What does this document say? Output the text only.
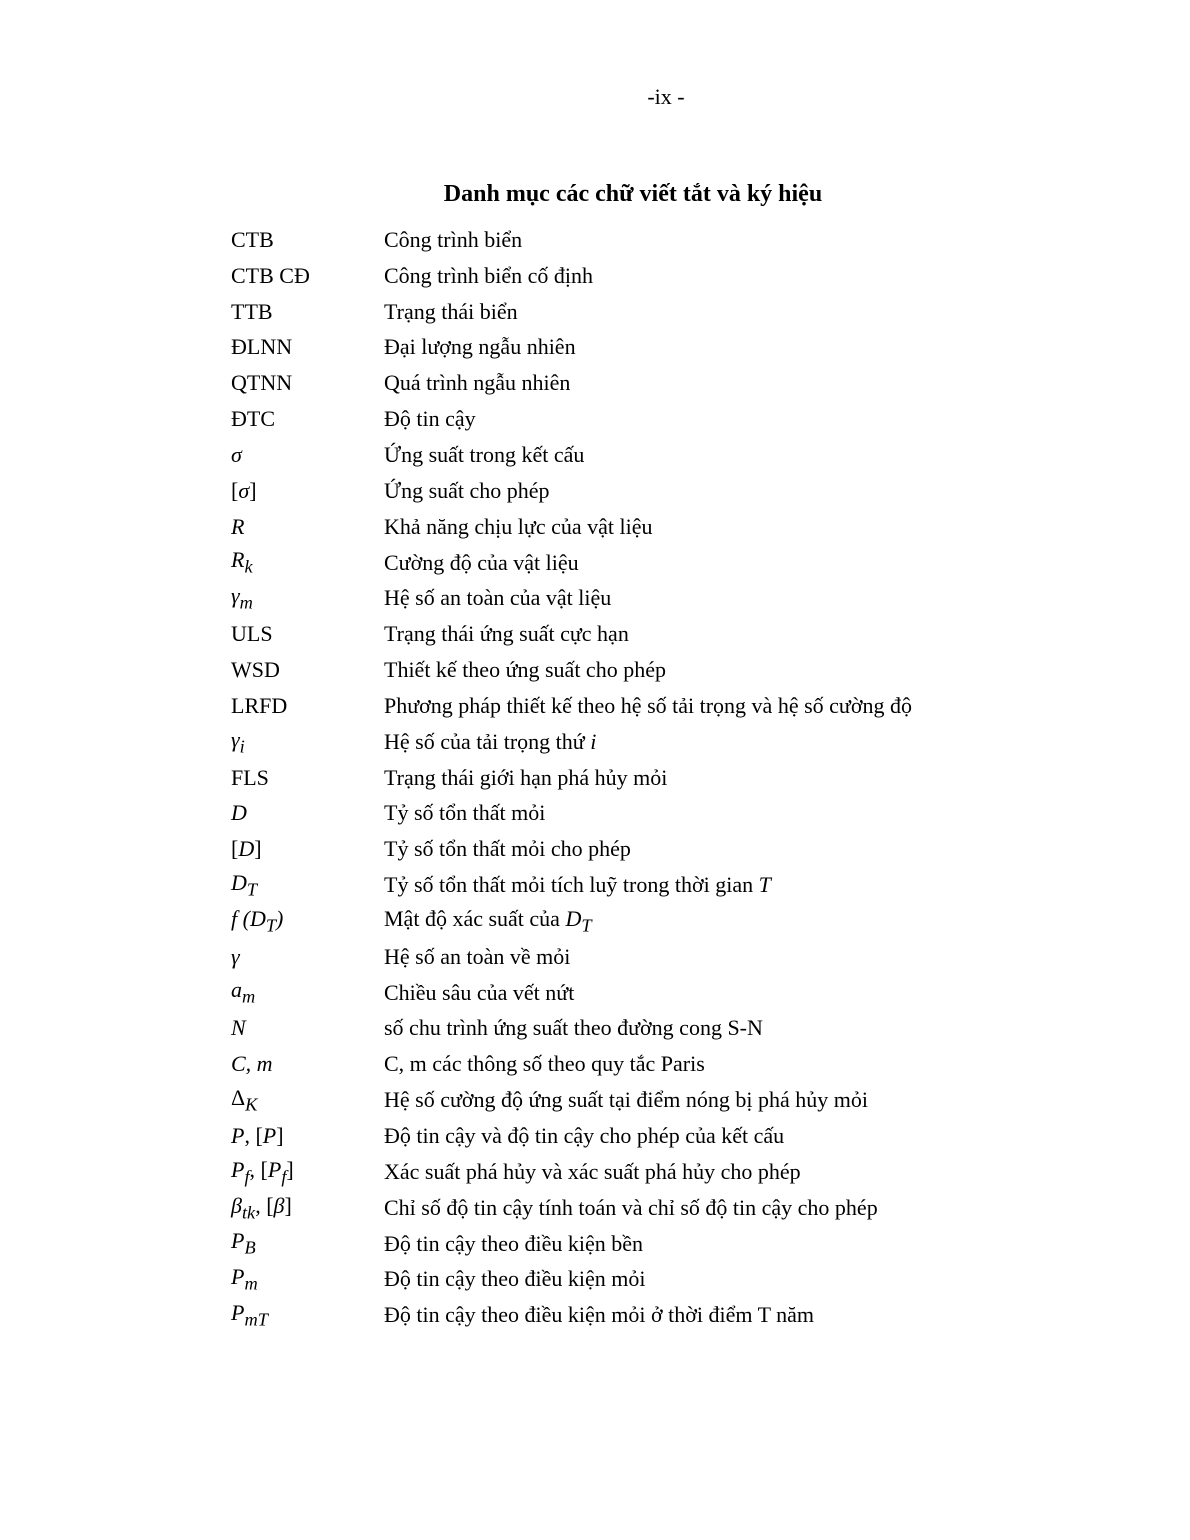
-ix -
Danh mục các chữ viết tắt và ký hiệu
CTB	Công trình biển
CTB CĐ	Công trình biển cố định
TTB	Trạng thái biển
ĐLNN	Đại lượng ngẫu nhiên
QTNN	Quá trình ngẫu nhiên
ĐTC	Độ tin cậy
σ	Ứng suất trong kết cấu
[σ]	Ứng suất cho phép
R	Khả năng chịu lực của vật liệu
$R_k$	Cường độ của vật liệu
$\gamma_m$	Hệ số an toàn của vật liệu
ULS	Trạng thái ứng suất cực hạn
WSD	Thiết kế theo ứng suất cho phép
LRFD	Phương pháp thiết kế theo hệ số tải trọng và hệ số cường độ
$\gamma_i$	Hệ số của tải trọng thứ i
FLS	Trạng thái giới hạn phá hủy mỏi
D	Tỷ số tổn thất mỏi
[D]	Tỷ số tổn thất mỏi cho phép
$D_T$	Tỷ số tổn thất mỏi tích luỹ trong thời gian T
f $(D_T)$	Mật độ xác suất của $D_T$
γ	Hệ số an toàn về mỏi
$a_m$	Chiều sâu của vết nứt
N	số chu trình ứng suất theo đường cong S-N
C, m	C, m các thông số theo quy tắc Paris
$\Delta_K$	Hệ số cường độ ứng suất tại điểm nóng bị phá hủy mỏi
P, [P]	Độ tin cậy và độ tin cậy cho phép của kết cấu
$P_f$, $[P_f]$	Xác suất phá hủy và xác suất phá hủy cho phép
$\beta_{tk}$, [β]	Chỉ số độ tin cậy tính toán và chỉ số độ tin cậy cho phép
$P_B$	Độ tin cậy theo điều kiện bền
$P_m$	Độ tin cậy theo điều kiện mỏi
$P_{mT}$	Độ tin cậy theo điều kiện mỏi ở thời điểm T năm
